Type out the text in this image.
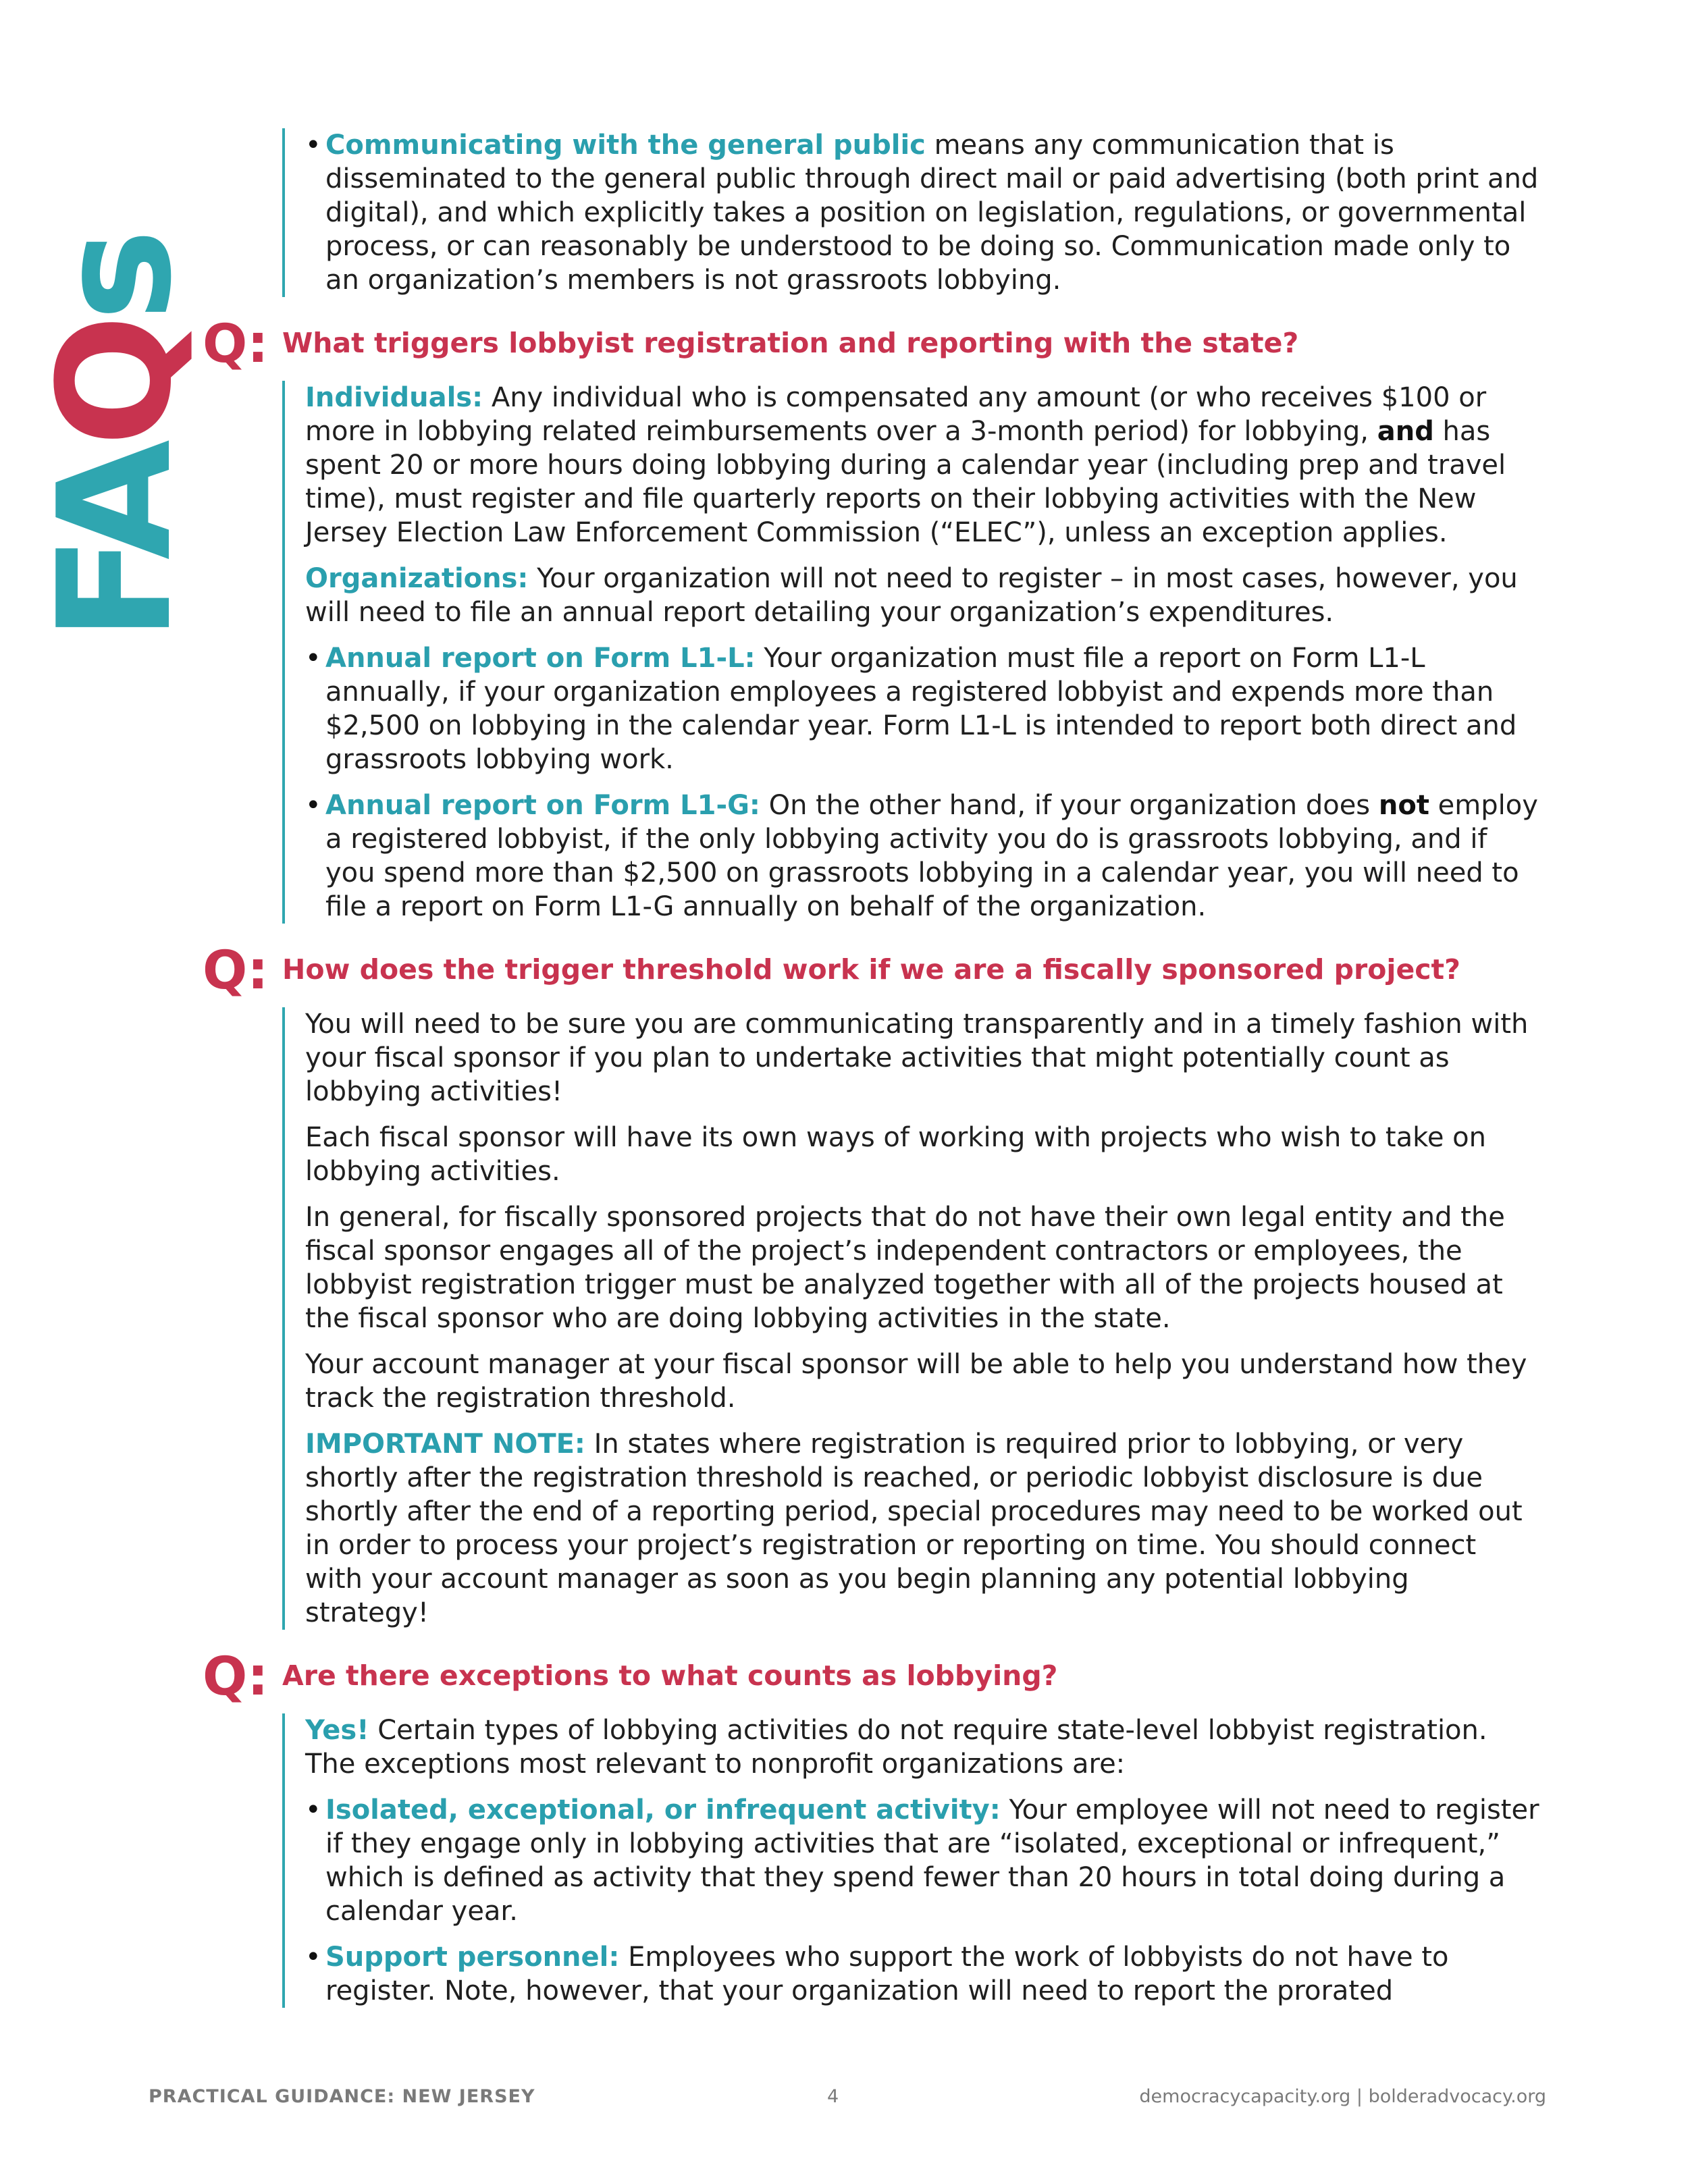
FAQs
• Communicating with the general public means any communication that is disseminated to the general public through direct mail or paid advertising (both print and digital), and which explicitly takes a position on legislation, regulations, or governmental process, or can reasonably be understood to be doing so. Communication made only to an organization’s members is not grassroots lobbying.
Q: What triggers lobbyist registration and reporting with the state?

Individuals: Any individual who is compensated any amount (or who receives $100 or more in lobbying related reimbursements over a 3-month period) for lobbying, and has spent 20 or more hours doing lobbying during a calendar year (including prep and travel time), must register and file quarterly reports on their lobbying activities with the New Jersey Election Law Enforcement Commission (“ELEC”), unless an exception applies.

Organizations: Your organization will not need to register – in most cases, however, you will need to file an annual report detailing your organization’s expenditures.

• Annual report on Form L1-L: Your organization must file a report on Form L1-L annually, if your organization employees a registered lobbyist and expends more than $2,500 on lobbying in the calendar year. Form L1-L is intended to report both direct and grassroots lobbying work.
• Annual report on Form L1-G: On the other hand, if your organization does not employ a registered lobbyist, if the only lobbying activity you do is grassroots lobbying, and if you spend more than $2,500 on grassroots lobbying in a calendar year, you will need to file a report on Form L1-G annually on behalf of the organization.
Q: How does the trigger threshold work if we are a fiscally sponsored project?

You will need to be sure you are communicating transparently and in a timely fashion with your fiscal sponsor if you plan to undertake activities that might potentially count as lobbying activities!

Each fiscal sponsor will have its own ways of working with projects who wish to take on lobbying activities.

In general, for fiscally sponsored projects that do not have their own legal entity and the fiscal sponsor engages all of the project’s independent contractors or employees, the lobbyist registration trigger must be analyzed together with all of the projects housed at the fiscal sponsor who are doing lobbying activities in the state.

Your account manager at your fiscal sponsor will be able to help you understand how they track the registration threshold.

IMPORTANT NOTE: In states where registration is required prior to lobbying, or very shortly after the registration threshold is reached, or periodic lobbyist disclosure is due shortly after the end of a reporting period, special procedures may need to be worked out in order to process your project’s registration or reporting on time. You should connect with your account manager as soon as you begin planning any potential lobbying strategy!

Q: Are there exceptions to what counts as lobbying?

Yes! Certain types of lobbying activities do not require state-level lobbyist registration. The exceptions most relevant to nonprofit organizations are:

• Isolated, exceptional, or infrequent activity: Your employee will not need to register if they engage only in lobbying activities that are “isolated, exceptional or infrequent,” which is defined as activity that they spend fewer than 20 hours in total doing during a calendar year.
• Support personnel: Employees who support the work of lobbyists do not have to register. Note, however, that your organization will need to report the prorated
PRACTICAL GUIDANCE: NEW JERSEY	4	democracycapacity.org | bolderadvocacy.org
